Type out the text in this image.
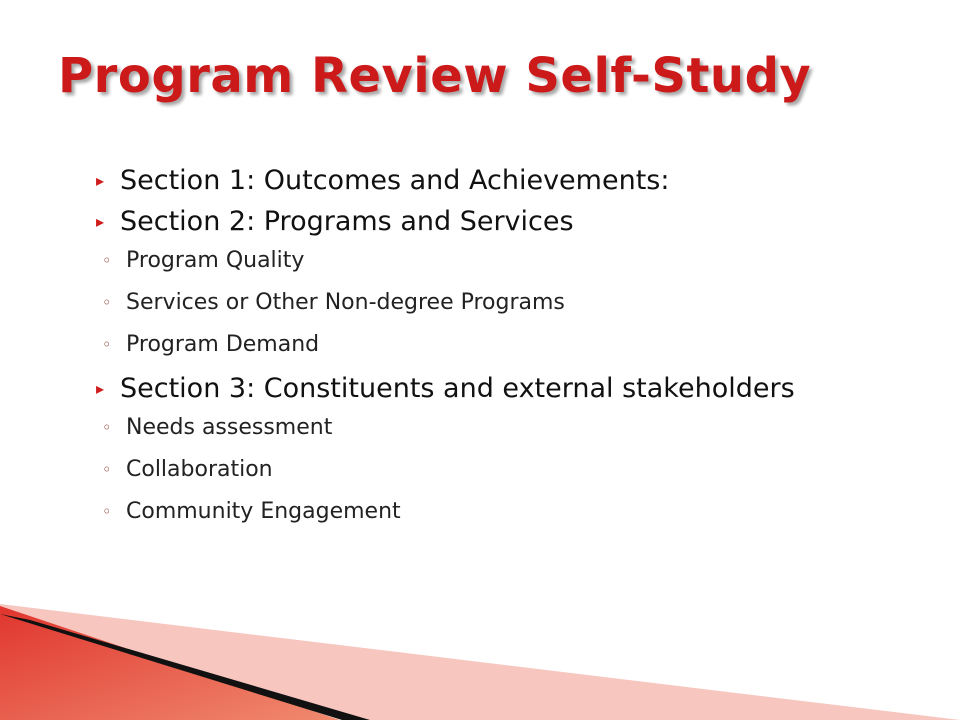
Program Review Self-Study
▸ Section 1: Outcomes and Achievements:
▸ Section 2: Programs and Services
◦ Program Quality
◦ Services or Other Non-degree Programs
◦ Program Demand
▸ Section 3: Constituents and external stakeholders
◦ Needs assessment
◦ Collaboration
◦ Community Engagement
